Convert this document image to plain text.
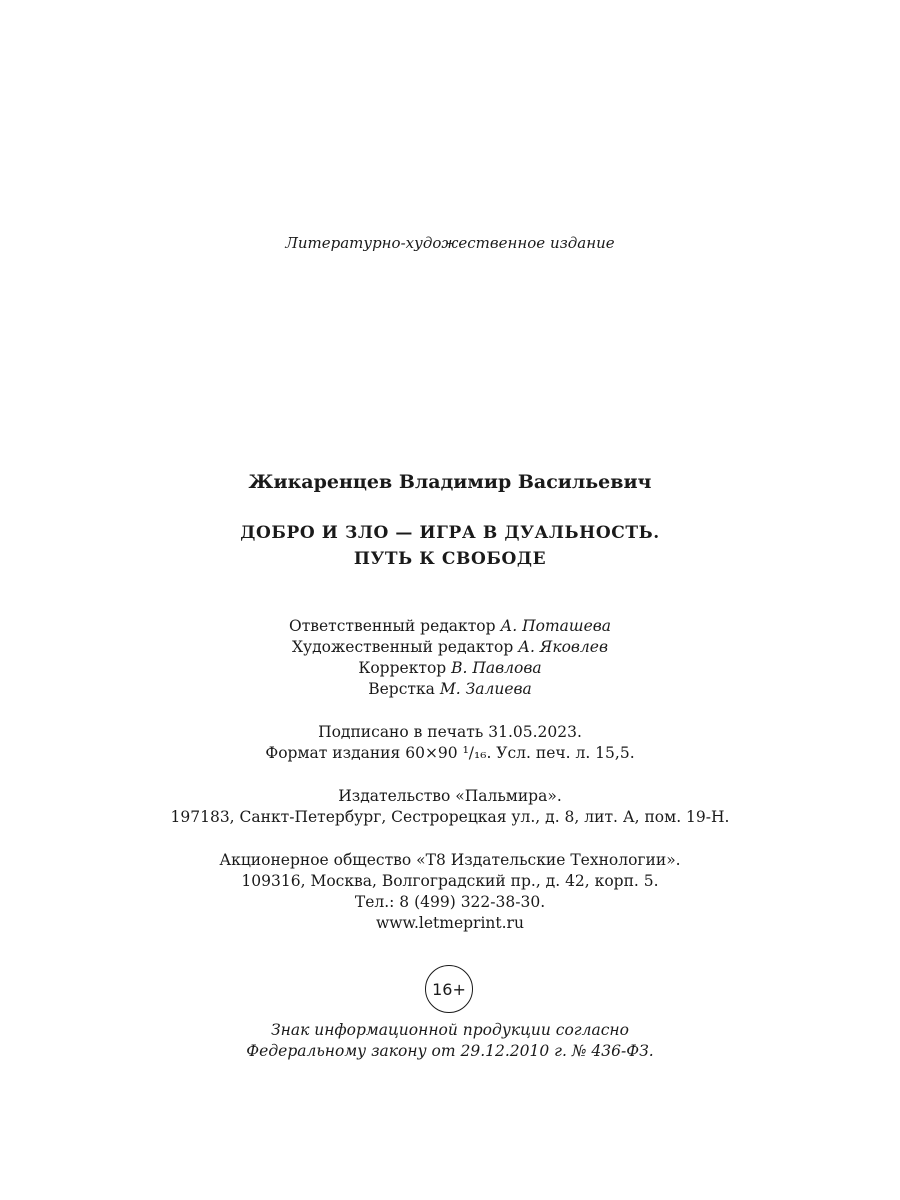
Литературно-художественное издание
Жикаренцев Владимир Васильевич
ДОБРО И ЗЛО — ИГРА В ДУАЛЬНОСТЬ.
ПУТЬ К СВОБОДЕ
Ответственный редактор А. Поташева
Художественный редактор А. Яковлев
Корректор В. Павлова
Верстка М. Залиева
Подписано в печать 31.05.2023.
Формат издания 60×90 ¹/₁₆. Усл. печ. л. 15,5.
Издательство «Пальмира».
197183, Санкт-Петербург, Сестрорецкая ул., д. 8, лит. А, пом. 19-Н.
Акционерное общество «Т8 Издательские Технологии».
109316, Москва, Волгоградский пр., д. 42, корп. 5.
Тел.: 8 (499) 322-38-30.
www.letmeprint.ru
16+
Знак информационной продукции согласно
Федеральному закону от 29.12.2010 г. № 436-ФЗ.
